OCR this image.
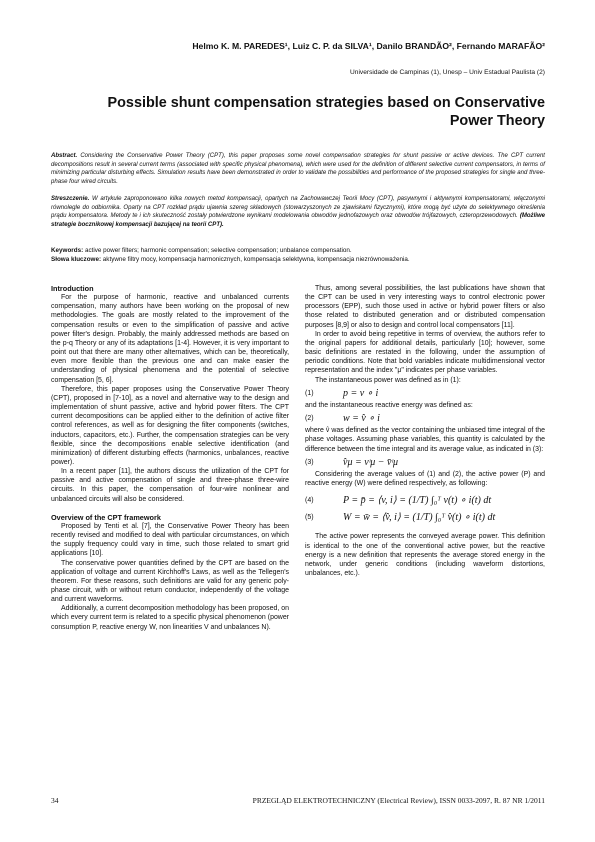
Helmo K. M. PAREDES¹, Luiz C. P. da SILVA¹, Danilo BRANDÃO², Fernando MARAFÃO²
Universidade de Campinas (1), Unesp – Univ Estadual Paulista (2)
Possible shunt compensation strategies based on Conservative Power Theory
Abstract. Considering the Conservative Power Theory (CPT), this paper proposes some novel compensation strategies for shunt passive or active devices. The CPT current decompositions result in several current terms (associated with specific physical phenomena), which were used for the definition of different selective current compensators, in terms of minimizing particular disturbing effects. Simulation results have been demonstrated in order to validate the possibilities and performance of the proposed strategies for single and three-phase four wired circuits.
Streszczenie. W artykule zaproponowano kilka nowych metod kompensacji, opartych na Zachowawczej Teorii Mocy (CPT), pasywnymi i aktywnymi kompensatorami, włączonymi równolegle do odbiornika. Oparty na CPT rozkład prądu ujawnia szereg składowych (stowarzyszonych ze zjawiskami fizycznymi), które mogą być użyte do selektywnego określenia prądu kompensatora. Metody te i ich skuteczność zostały potwierdzone wynikami modelowania obwodów jednofazowych oraz obwodów trójfazowych, czteroprzewodowych. (Możliwe strategie bocznikowej kompensacji bazującej na teorii CPT).
Keywords: active power filters; harmonic compensation; selective compensation; unbalance compensation.
Słowa kluczowe: aktywne filtry mocy, kompensacja harmonicznych, kompensacja selektywna, kompensacja niezrównoważenia.
Introduction

For the purpose of harmonic, reactive and unbalanced currents compensation, many authors have been working on the proposal of new methodologies. The goals are mostly related to the improvement of the compensation results or even to the simplification of passive and active power filter's design. Probably, the mainly addressed methods are based on the p-q Theory or any of its adaptations [1-4]. However, it is very important to point out that there are many other alternatives, which can be, theoretically, even more flexible than the previous one and can make easier the understanding of physical phenomena and the potential of selective compensation [5, 6].

Therefore, this paper proposes using the Conservative Power Theory (CPT), proposed in [7-10], as a novel and alternative way to the design and implementation of shunt passive, active and hybrid power filters. The CPT current decompositions can be applied either to the definition of active filter control references, as well as for designing the filter components (switches, inductors, capacitors, etc.). Further, the compensation strategies can be very flexible, since the decompositions enable selective identification (and minimization) of different disturbing effects (harmonics, unbalances, reactive power).

In a recent paper [11], the authors discuss the utilization of the CPT for passive and active compensation of single and three-phase three-wire circuits. In this paper, the compensation of four-wire nonlinear and unbalanced circuits will also be considered.

Overview of the CPT framework

Proposed by Tenti et al. [7], the Conservative Power Theory has been recently revised and modified to deal with particular circumstances, on which the supply frequency could vary in time, such those related to smart grid applications [10].

The conservative power quantities defined by the CPT are based on the application of voltage and current Kirchhoff's Laws, as well as the Tellegen's theorem. For these reasons, such definitions are valid for any generic poly-phase circuit, with or without return conductor, independently of the voltage and current waveforms.

Additionally, a current decomposition methodology has been proposed, on which every current term is related to a specific physical phenomenon (power consumption P, reactive energy W, non linearities V and unbalances N).

Thus, among several possibilities, the last publications have shown that the CPT can be used in very interesting ways to control electronic power processors (EPP), such those used in active or hybrid power filters or also those related to distributed generation and or distributed compensation purposes [8,9] or also to design and control local compensators [11].

In order to avoid being repetitive in terms of overview, the authors refer to the original papers for additional details, particularly [10]; however, some basic definitions are restated in the following, under the assumption of periodic conditions. Note that bold variables indicate multidimensional vector representation and the index "μ" indicates per phase variables.

The instantaneous power was defined as in (1):

(1)	p = v ∘ i

and the instantaneous reactive energy was defined as:

(2)	w = v̂ ∘ i

where v̂ was defined as the vector containing the unbiased time integral of the phase voltages. Assuming phase variables, this quantity is calculated by the difference between the time integral and its average value, as indicated in (3):

(3)	v̂μ = vᶦμ − v̄ᶦμ

Considering the average values of (1) and (2), the active power (P) and reactive energy (W) were defined respectively, as following:

(4)	P = p̄ = ⟨v, i⟩ = (1/T) ∫₀ᵀ v(t) ∘ i(t) dt
(5)	W = w̄ = ⟨v̂, i⟩ = (1/T) ∫₀ᵀ v̂(t) ∘ i(t) dt

The active power represents the conveyed average power. This definition is identical to the one of the conventional active power, but the reactive energy is a new definition that represents the average stored energy in the network, under generic conditions (including waveform distortions, unbalances, etc.).

34	PRZEGLĄD ELEKTROTECHNICZNY (Electrical Review), ISSN 0033-2097, R. 87 NR 1/2011
